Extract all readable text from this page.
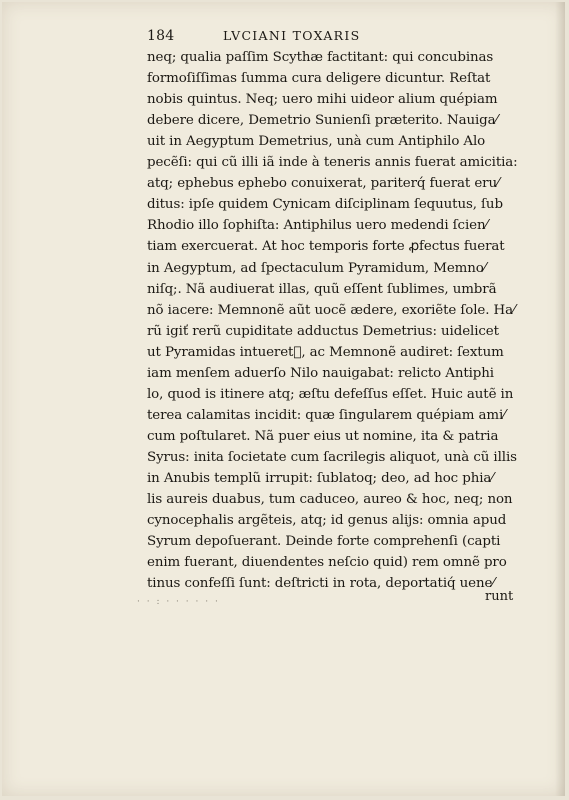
184	LVCIANI TOXARIS
neq; qualia paſſim Scythæ factitant: qui concubinas
formoſiſſimas ſumma cura deligere dicuntur. Reſtat
nobis quintus. Neq; uero mihi uideor alium quépiam
debere dicere, Demetrio Sunienſi præterito. Nauiga⁄
uit in Aegyptum Demetrius, unà cum Antiphilo Alo
pecẽſi: qui cũ illi iã inde à teneris annis fuerat amicitia:
atq; ephebus ephebo conuixerat, pariterq́ fuerat eru⁄
ditus: ipſe quidem Cynicam diſciplinam ſequutus, ſub
Rhodio illo ſophiſta: Antiphilus uero medendi ſcien⁄
tiam exercuerat. At hoc temporis forte ꝓfectus fuerat
in Aegyptum, ad ſpectaculum Pyramidum, Memno⁄
niſq;. Nã audiuerat illas, quũ eſſent ſublimes, umbrã
nõ iacere: Memnonẽ aũt uocẽ ædere, exoriẽte ſole. Ha⁄
rũ igiť rerũ cupiditate adductus Demetrius: uidelicet
ut Pyramidas intueret᷑, ac Memnonẽ audiret: ſextum
iam menſem aduerſo Nilo nauigabat: relicto Antiphi
lo, quod is itinere atq; æſtu defeſſus eſſet. Huic autẽ in
terea calamitas incidit: quæ ſingularem quépiam ami⁄
cum poſtularet. Nã puer eius ut nomine, ita & patria
Syrus: inita ſocietate cum ſacrilegis aliquot, unà cũ illis
in Anubis templũ irrupit: ſublatoq; deo, ad hoc phia⁄
lis aureis duabus, tum caduceo, aureo & hoc, neq; non
cynocephalis argẽteis, atq; id genus alijs: omnia apud
Syrum depoſuerant. Deinde forte comprehenſi (capti
enim fuerant, diuendentes neſcio quid) rem omnẽ pro
tinus confeſſi ſunt: deſtricti in rota, deportatiq́ uene⁄
· · : · · · · · ·	runt
